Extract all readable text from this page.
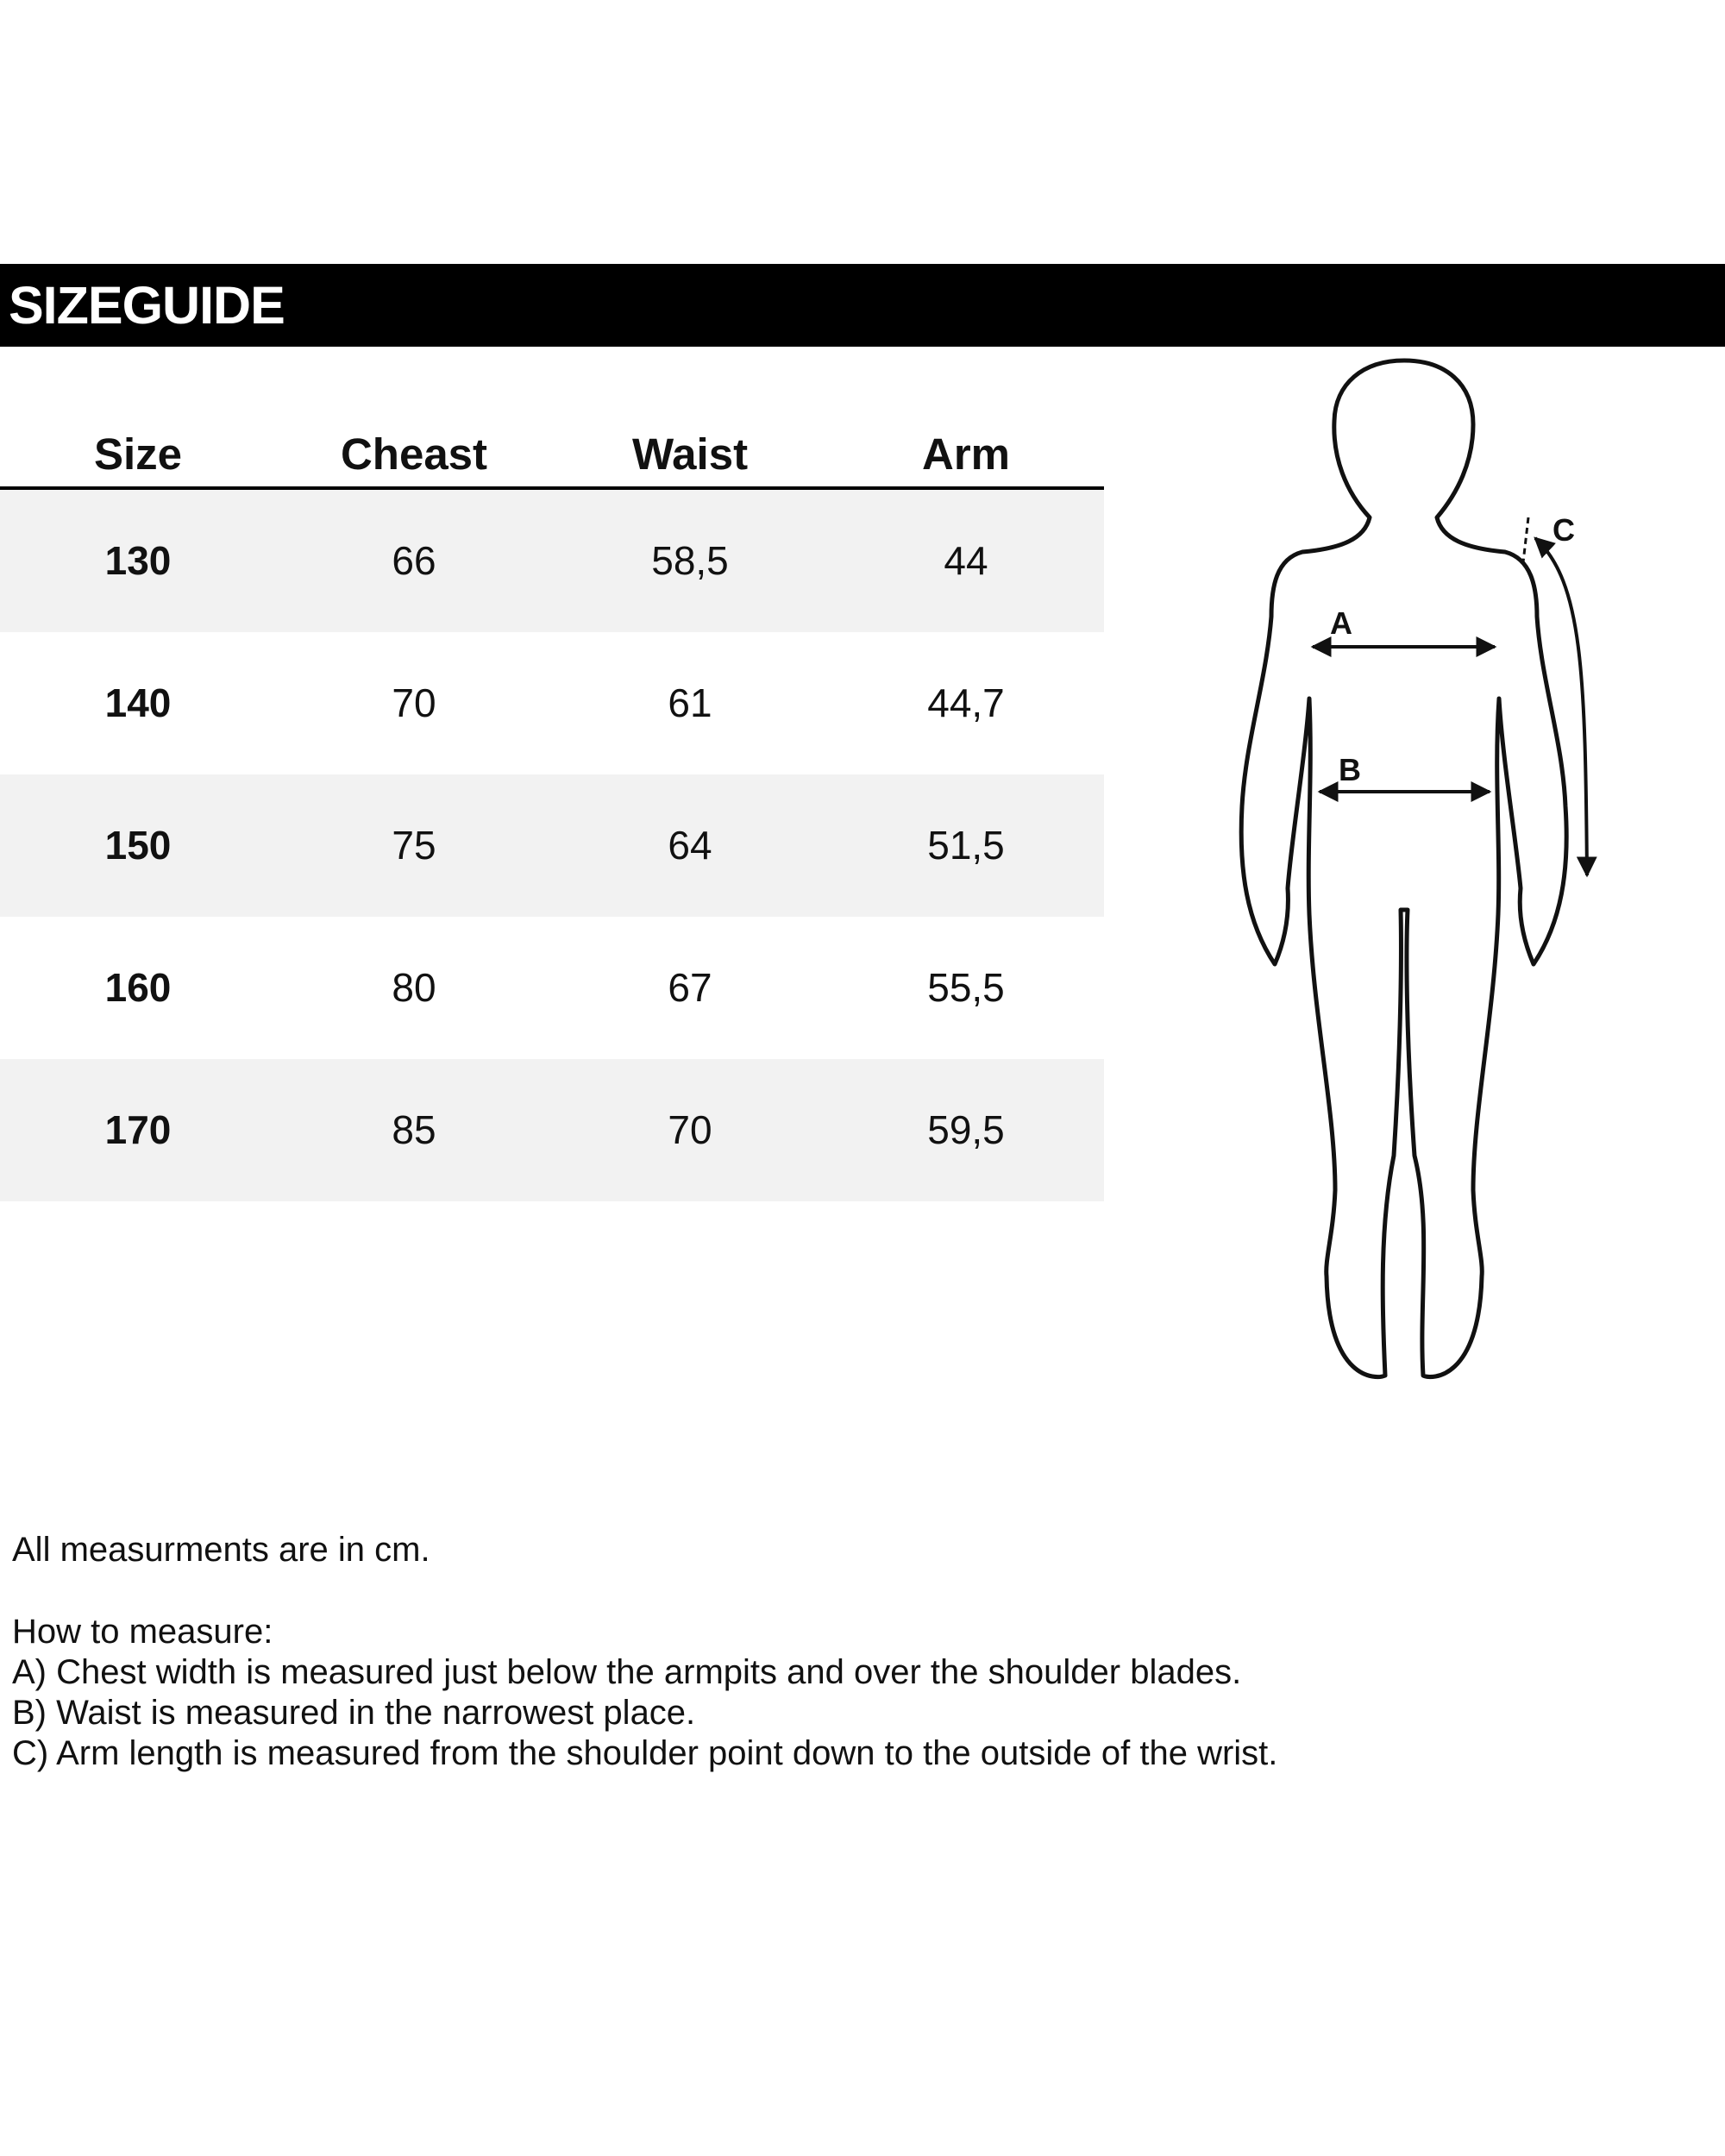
SIZEGUIDE
Size	Cheast	Waist	Arm
130	66	58,5	44
140	70	61	44,7
150	75	64	51,5
160	80	67	55,5
170	85	70	59,5
A
B
C

All measurments are in cm.

How to measure:

A) Chest width is measured just below the armpits and over the shoulder blades.

B) Waist is measured in the narrowest place.

C) Arm length is measured from the shoulder point down to the outside of the wrist.
